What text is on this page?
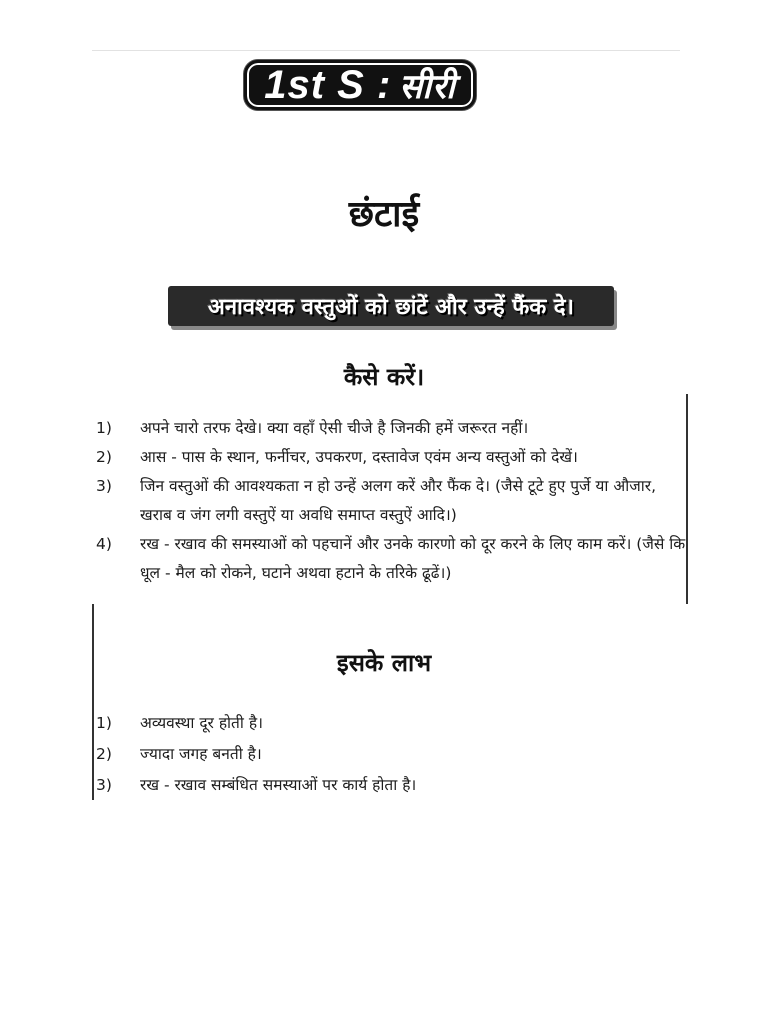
1st S : सीरी
छंटाई
अनावश्यक वस्तुओं को छांटें और उन्हें फैंक दे।
कैसे करें।
1)	अपने चारो तरफ देखे। क्या वहाँ ऐसी चीजे है जिनकी हमें जरूरत नहीं।
2)	आस - पास के स्थान, फर्नीचर, उपकरण, दस्तावेज एवंम अन्य वस्तुओं को देखें।
3)	जिन वस्तुओं की आवश्यकता न हो उन्हें अलग करें और फैंक दे। (जैसे टूटे हुए पुर्जे या औजार, खराब व जंग लगी वस्तुऐं या अवधि समाप्त वस्तुऐं आदि।)
4)	रख - रखाव की समस्याओं को पहचानें और उनके कारणो को दूर करने के लिए काम करें। (जैसे कि धूल - मैल को रोकने, घटाने अथवा हटाने के तरिके ढूढें।)
इसके लाभ
1)	अव्यवस्था दूर होती है।
2)	ज्यादा जगह बनती है।
3)	रख - रखाव सम्बंधित समस्याओं पर कार्य होता है।
